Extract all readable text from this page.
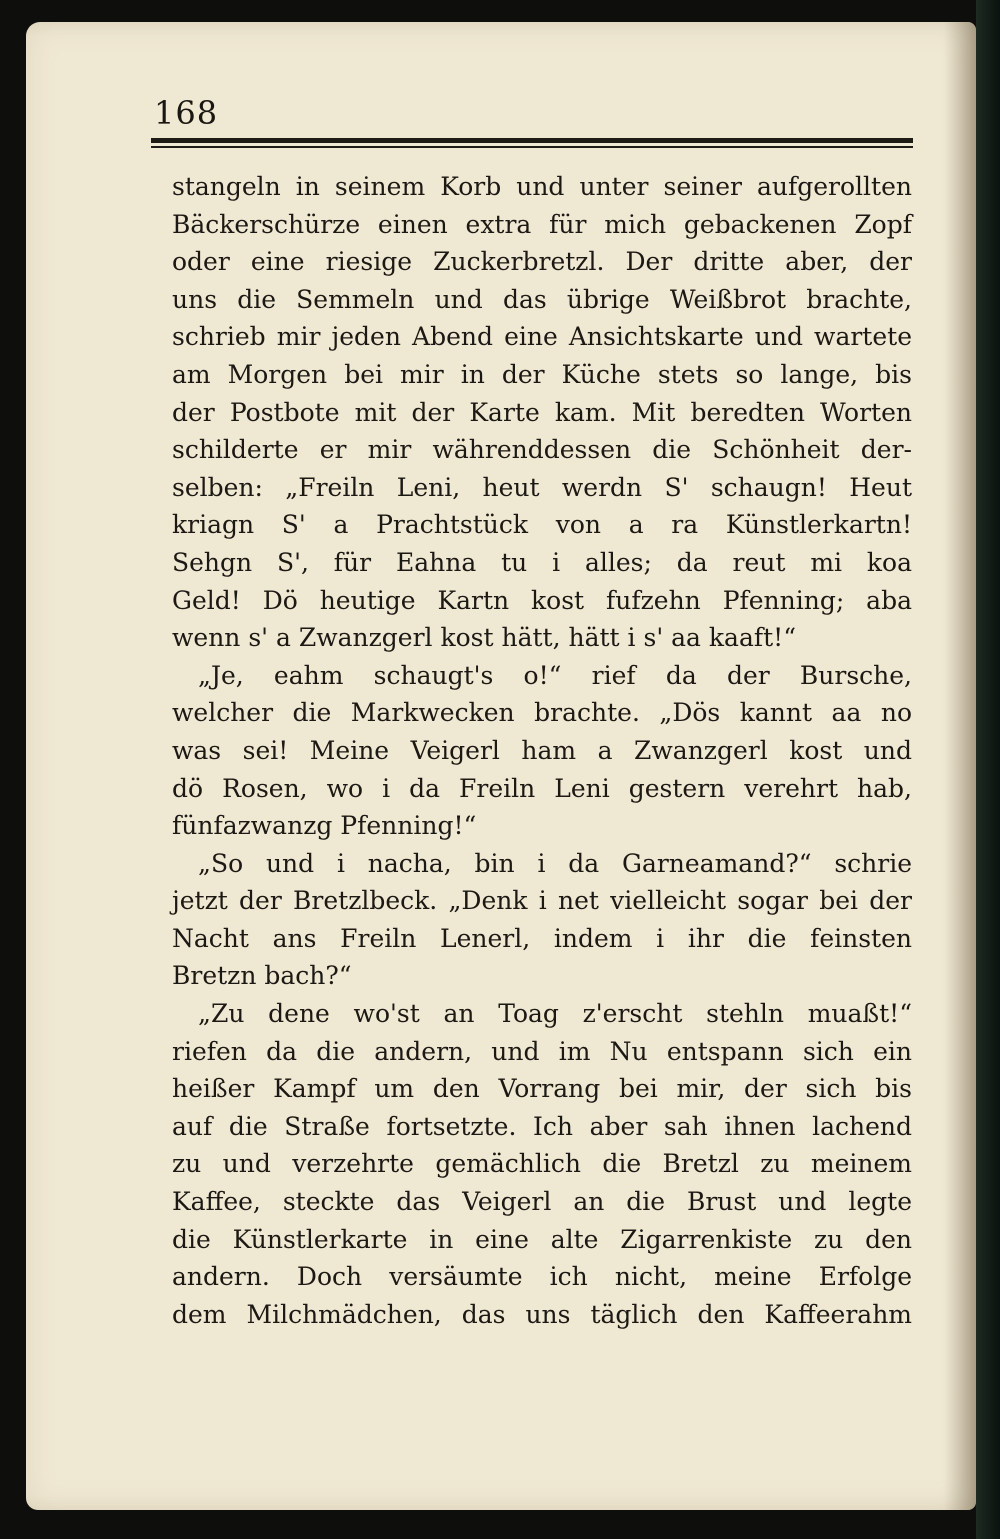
168
stangeln in seinem Korb und unter seiner aufgerollten
Bäckerschürze einen extra für mich gebackenen Zopf
oder eine riesige Zuckerbretzl. Der dritte aber, der
uns die Semmeln und das übrige Weißbrot brachte,
schrieb mir jeden Abend eine Ansichtskarte und wartete
am Morgen bei mir in der Küche stets so lange, bis
der Postbote mit der Karte kam. Mit beredten Worten
schilderte er mir währenddessen die Schönheit der-
selben: „Freiln Leni, heut werdn S' schaugn! Heut
kriagn S' a Prachtstück von a ra Künstlerkartn!
Sehgn S', für Eahna tu i alles; da reut mi koa
Geld! Dö heutige Kartn kost fufzehn Pfenning; aba
wenn s' a Zwanzgerl kost hätt, hätt i s' aa kaaft!“
„Je, eahm schaugt's o!“ rief da der Bursche,
welcher die Markwecken brachte. „Dös kannt aa no
was sei! Meine Veigerl ham a Zwanzgerl kost und
dö Rosen, wo i da Freiln Leni gestern verehrt hab,
fünfazwanzg Pfenning!“
„So und i nacha, bin i da Garneamand?“ schrie
jetzt der Bretzlbeck. „Denk i net vielleicht sogar bei der
Nacht ans Freiln Lenerl, indem i ihr die feinsten
Bretzn bach?“
„Zu dene wo'st an Toag z'erscht stehln muaßt!“
riefen da die andern, und im Nu entspann sich ein
heißer Kampf um den Vorrang bei mir, der sich bis
auf die Straße fortsetzte. Ich aber sah ihnen lachend
zu und verzehrte gemächlich die Bretzl zu meinem
Kaffee, steckte das Veigerl an die Brust und legte
die Künstlerkarte in eine alte Zigarrenkiste zu den
andern. Doch versäumte ich nicht, meine Erfolge
dem Milchmädchen, das uns täglich den Kaffeerahm
